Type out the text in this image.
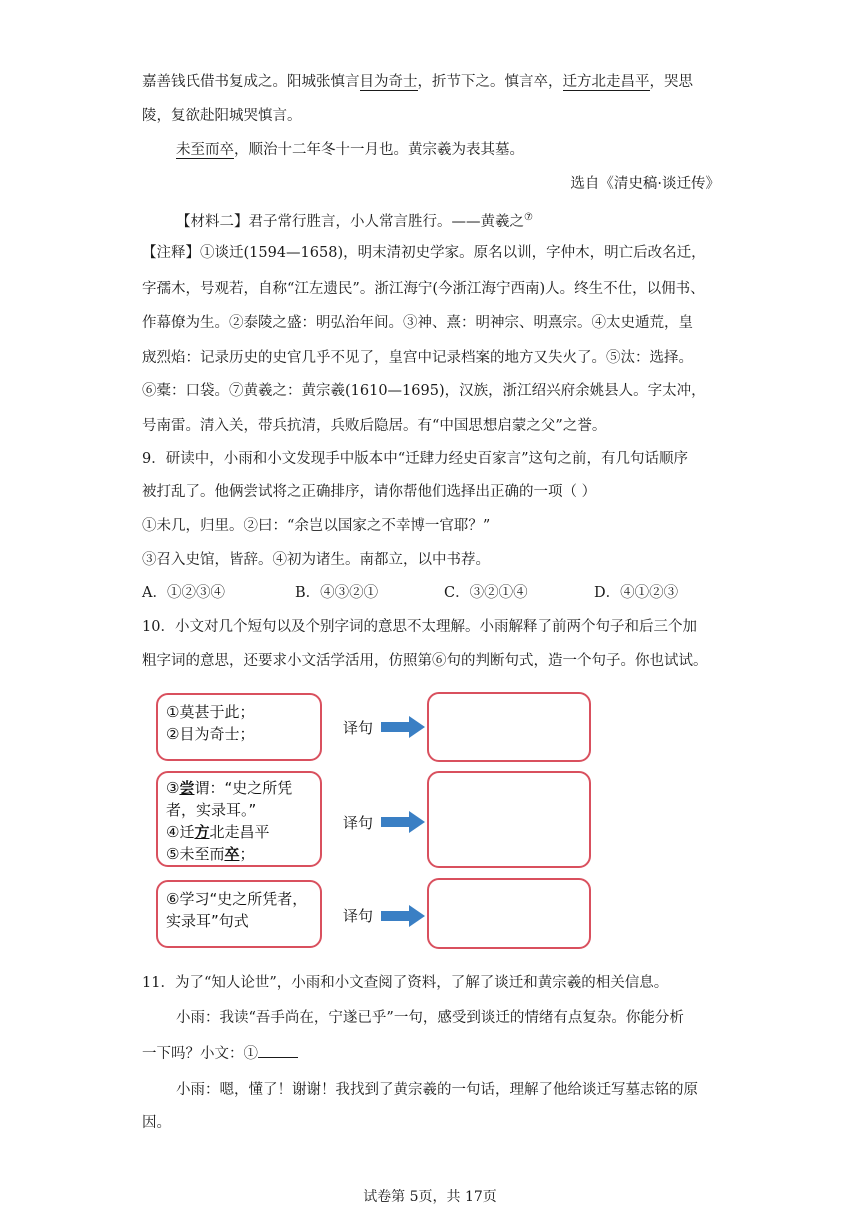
嘉善钱氏借书复成之。阳城张慎言目为奇士，折节下之。慎言卒，迁方北走昌平，哭思
陵，复欲赴阳城哭慎言。
未至而卒，顺治十二年冬十一月也。黄宗羲为表其墓。
选自《清史稿·谈迁传》
【材料二】君子常行胜言，小人常言胜行。——黄羲之⑦
【注释】①谈迁(1594—1658)，明末清初史学家。原名以训，字仲木，明亡后改名迁，
字孺木，号观若，自称“江左遗民”。浙江海宁(今浙江海宁西南)人。终生不仕，以佣书、
作幕僚为生。②泰陵之盛：明弘治年间。③神、熹：明神宗、明熹宗。④太史遁荒，皇
宬烈焰：记录历史的史官几乎不见了，皇宫中记录档案的地方又失火了。⑤汰：选择。
⑥橐：口袋。⑦黄羲之：黄宗羲(1610—1695)，汉族，浙江绍兴府余姚县人。字太冲，
号南雷。清入关，带兵抗清，兵败后隐居。有“中国思想启蒙之父”之誉。
9．研读中，小雨和小文发现手中版本中“迁肆力经史百家言”这句之前，有几句话顺序
被打乱了。他俩尝试将之正确排序，请你帮他们选择出正确的一项（ ）
①未几，归里。②曰：“余岂以国家之不幸博一官耶？”
③召入史馆，皆辞。④初为诸生。南都立，以中书荐。
A．①②③④	B．④③②①	C．③②①④	D．④①②③
10．小文对几个短句以及个别字词的意思不太理解。小雨解释了前两个句子和后三个加
粗字词的意思，还要求小文活学活用，仿照第⑥句的判断句式，造一个句子。你也试试。
①莫甚于此；
②目为奇士；	译句
③尝谓：“史之所凭
者，实录耳。”
④迁方北走昌平
⑤未至而卒；
译句
⑥学习“史之所凭者，
实录耳”句式	译句
11．为了“知人论世”，小雨和小文查阅了资料，了解了谈迁和黄宗羲的相关信息。
小雨：我读“吾手尚在，宁遂已乎”一句，感受到谈迁的情绪有点复杂。你能分析
一下吗？小文：①
小雨：嗯，懂了！谢谢！我找到了黄宗羲的一句话，理解了他给谈迁写墓志铭的原
因。
试卷第 5页，共 17页
